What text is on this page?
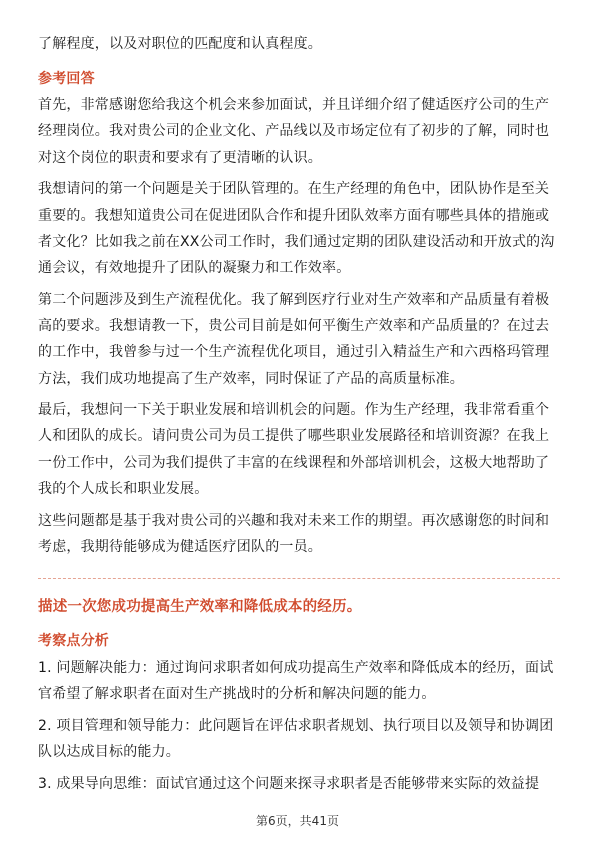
了解程度，以及对职位的匹配度和认真程度。
参考回答
首先，非常感谢您给我这个机会来参加面试，并且详细介绍了健适医疗公司的生产
经理岗位。我对贵公司的企业文化、产品线以及市场定位有了初步的了解，同时也
对这个岗位的职责和要求有了更清晰的认识。
我想请问的第一个问题是关于团队管理的。在生产经理的角色中，团队协作是至关
重要的。我想知道贵公司在促进团队合作和提升团队效率方面有哪些具体的措施或
者文化？比如我之前在XX公司工作时，我们通过定期的团队建设活动和开放式的沟
通会议，有效地提升了团队的凝聚力和工作效率。
第二个问题涉及到生产流程优化。我了解到医疗行业对生产效率和产品质量有着极
高的要求。我想请教一下，贵公司目前是如何平衡生产效率和产品质量的？在过去
的工作中，我曾参与过一个生产流程优化项目，通过引入精益生产和六西格玛管理
方法，我们成功地提高了生产效率，同时保证了产品的高质量标准。
最后，我想问一下关于职业发展和培训机会的问题。作为生产经理，我非常看重个
人和团队的成长。请问贵公司为员工提供了哪些职业发展路径和培训资源？在我上
一份工作中，公司为我们提供了丰富的在线课程和外部培训机会，这极大地帮助了
我的个人成长和职业发展。
这些问题都是基于我对贵公司的兴趣和我对未来工作的期望。再次感谢您的时间和
考虑，我期待能够成为健适医疗团队的一员。
描述一次您成功提高生产效率和降低成本的经历。
考察点分析
1. 问题解决能力：通过询问求职者如何成功提高生产效率和降低成本的经历，面试
官希望了解求职者在面对生产挑战时的分析和解决问题的能力。
2. 项目管理和领导能力：此问题旨在评估求职者规划、执行项目以及领导和协调团
队以达成目标的能力。
3. 成果导向思维：面试官通过这个问题来探寻求职者是否能够带来实际的效益提
第6页，共41页
